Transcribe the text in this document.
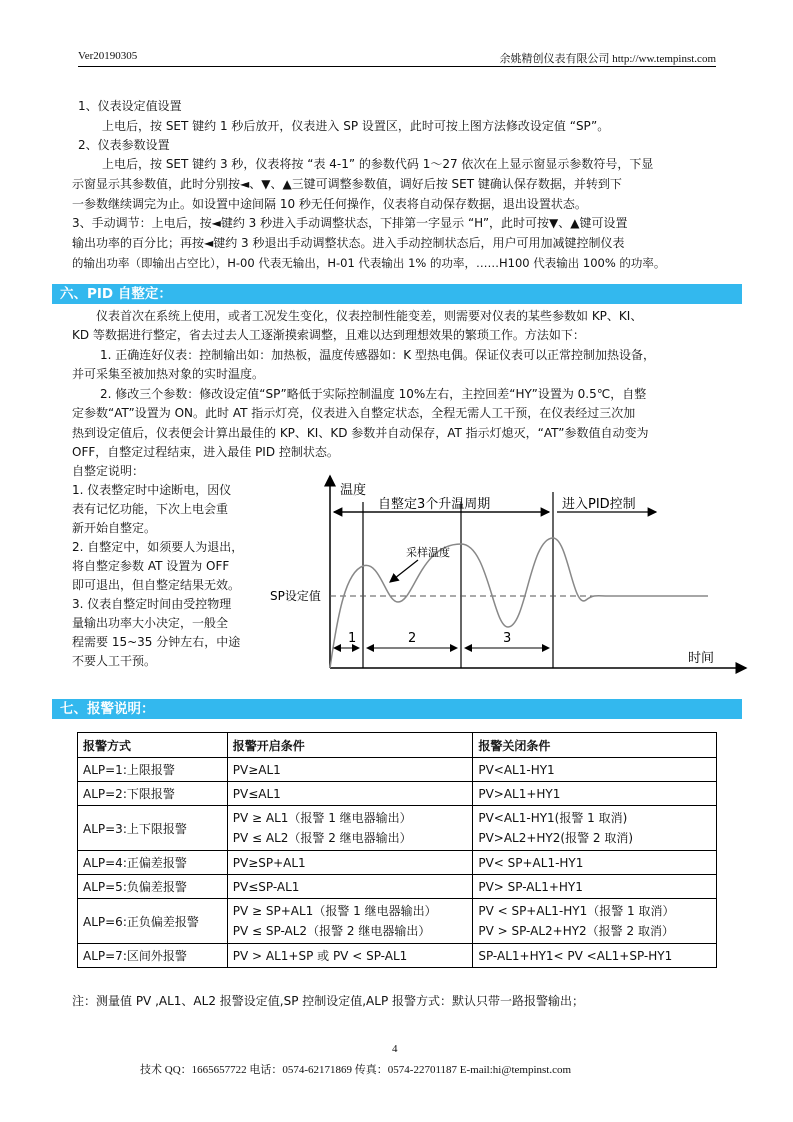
Ver20190305	余姚精创仪表有限公司 http://ww.tempinst.com
1、仪表设定值设置
上电后，按 SET 键约 1 秒后放开，仪表进入 SP 设置区，此时可按上图方法修改设定值 “SP”。
2、仪表参数设置
上电后，按 SET 键约 3 秒，仪表将按 “表 4-1” 的参数代码 1～27 依次在上显示窗显示参数符号，下显
示窗显示其参数值，此时分别按◄、▼、▲三键可调整参数值，调好后按 SET 键确认保存数据，并转到下
一参数继续调完为止。如设置中途间隔 10 秒无任何操作，仪表将自动保存数据，退出设置状态。
3、手动调节：上电后，按◄键约 3 秒进入手动调整状态，下排第一字显示 “H”，此时可按▼、▲键可设置
输出功率的百分比；再按◄键约 3 秒退出手动调整状态。进入手动控制状态后，用户可用加减键控制仪表
的输出功率（即输出占空比），H-00 代表无输出，H-01 代表输出 1% 的功率，……H100 代表输出 100% 的功率。
六、PID 自整定：
仪表首次在系统上使用，或者工况发生变化，仪表控制性能变差，则需要对仪表的某些参数如 KP、KI、
KD 等数据进行整定，省去过去人工逐渐摸索调整，且难以达到理想效果的繁琐工作。方法如下：
1. 正确连好仪表：控制输出如：加热板，温度传感器如：K 型热电偶。保证仪表可以正常控制加热设备，
并可采集至被加热对象的实时温度。
2. 修改三个参数：修改设定值“SP”略低于实际控制温度 10%左右，主控回差“HY”设置为 0.5℃，自整
定参数“AT”设置为 ON。此时 AT 指示灯亮，仪表进入自整定状态，全程无需人工干预，在仪表经过三次加
热到设定值后，仪表便会计算出最佳的 KP、KI、KD 参数并自动保存，AT 指示灯熄灭，“AT”参数值自动变为
OFF，自整定过程结束，进入最佳 PID 控制状态。
自整定说明：
1. 仪表整定时中途断电，因仪
表有记忆功能，下次上电会重
新开始自整定。
2. 自整定中，如须要人为退出，
将自整定参数 AT 设置为 OFF
即可退出，但自整定结果无效。
3. 仪表自整定时间由受控物理
量输出功率大小决定，一般全
程需要 15~35 分钟左右，中途
不要人工干预。
温度
时间
自整定3个升温周期	进入PID控制
SP设定值
采样温度
1	2	3
七、报警说明：
报警方式	报警开启条件	报警关闭条件
ALP=1:上限报警	PV≥AL1	PV<AL1-HY1
ALP=2:下限报警	PV≤AL1	PV>AL1+HY1
ALP=3:上下限报警	PV ≥ AL1（报警 1 继电器输出）
PV ≤ AL2（报警 2 继电器输出）	PV<AL1-HY1(报警 1 取消)
PV>AL2+HY2(报警 2 取消)

ALP=4:正偏差报警	PV≥SP+AL1	PV< SP+AL1-HY1
ALP=5:负偏差报警	PV≤SP-AL1	PV> SP-AL1+HY1
ALP=6:正负偏差报警	PV ≥ SP+AL1（报警 1 继电器输出）
PV ≤ SP-AL2（报警 2 继电器输出）	PV < SP+AL1-HY1（报警 1 取消）
PV > SP-AL2+HY2（报警 2 取消）

ALP=7:区间外报警	PV > AL1+SP 或 PV < SP-AL1	SP-AL1+HY1< PV <AL1+SP-HY1
注：测量值 PV ,AL1、AL2 报警设定值,SP 控制设定值,ALP 报警方式：默认只带一路报警输出；
4
技术 QQ：1665657722 电话：0574-62171869 传真：0574-22701187 E-mail:hi@tempinst.com
